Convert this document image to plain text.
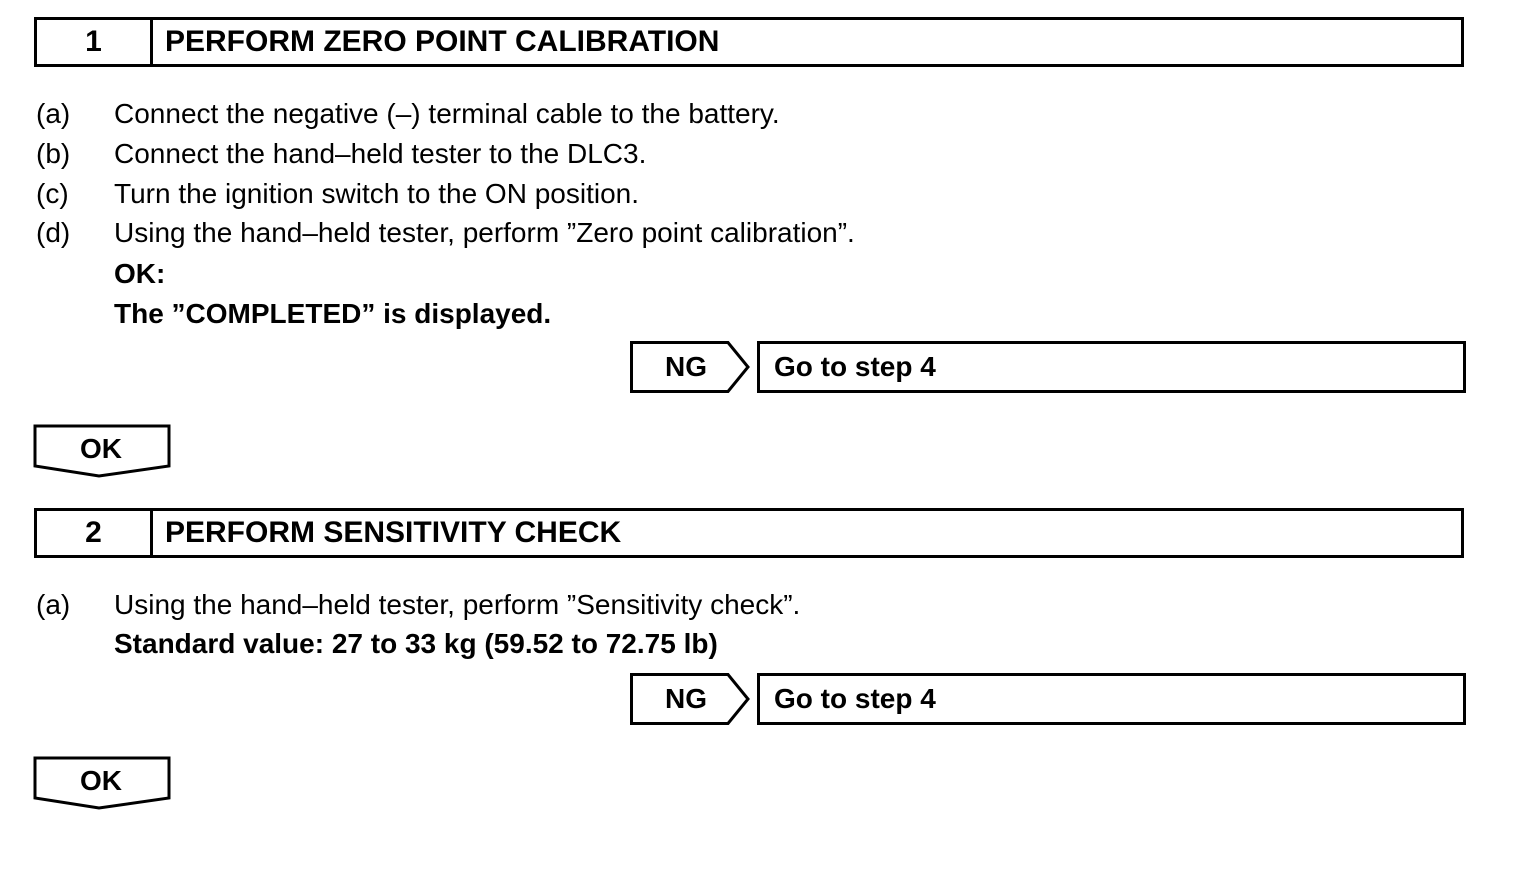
1	PERFORM ZERO POINT CALIBRATION
(a) Connect the negative (–) terminal cable to the battery.
(b) Connect the hand–held tester to the DLC3.
(c) Turn the ignition switch to the ON position.
(d) Using the hand–held tester, perform ”Zero point calibration”.
OK:
The ”COMPLETED” is displayed.
NG	Go to step 4
OK
2	PERFORM SENSITIVITY CHECK
(a) Using the hand–held tester, perform ”Sensitivity check”.
Standard value: 27 to 33 kg (59.52 to 72.75 lb)
NG	Go to step 4
OK
